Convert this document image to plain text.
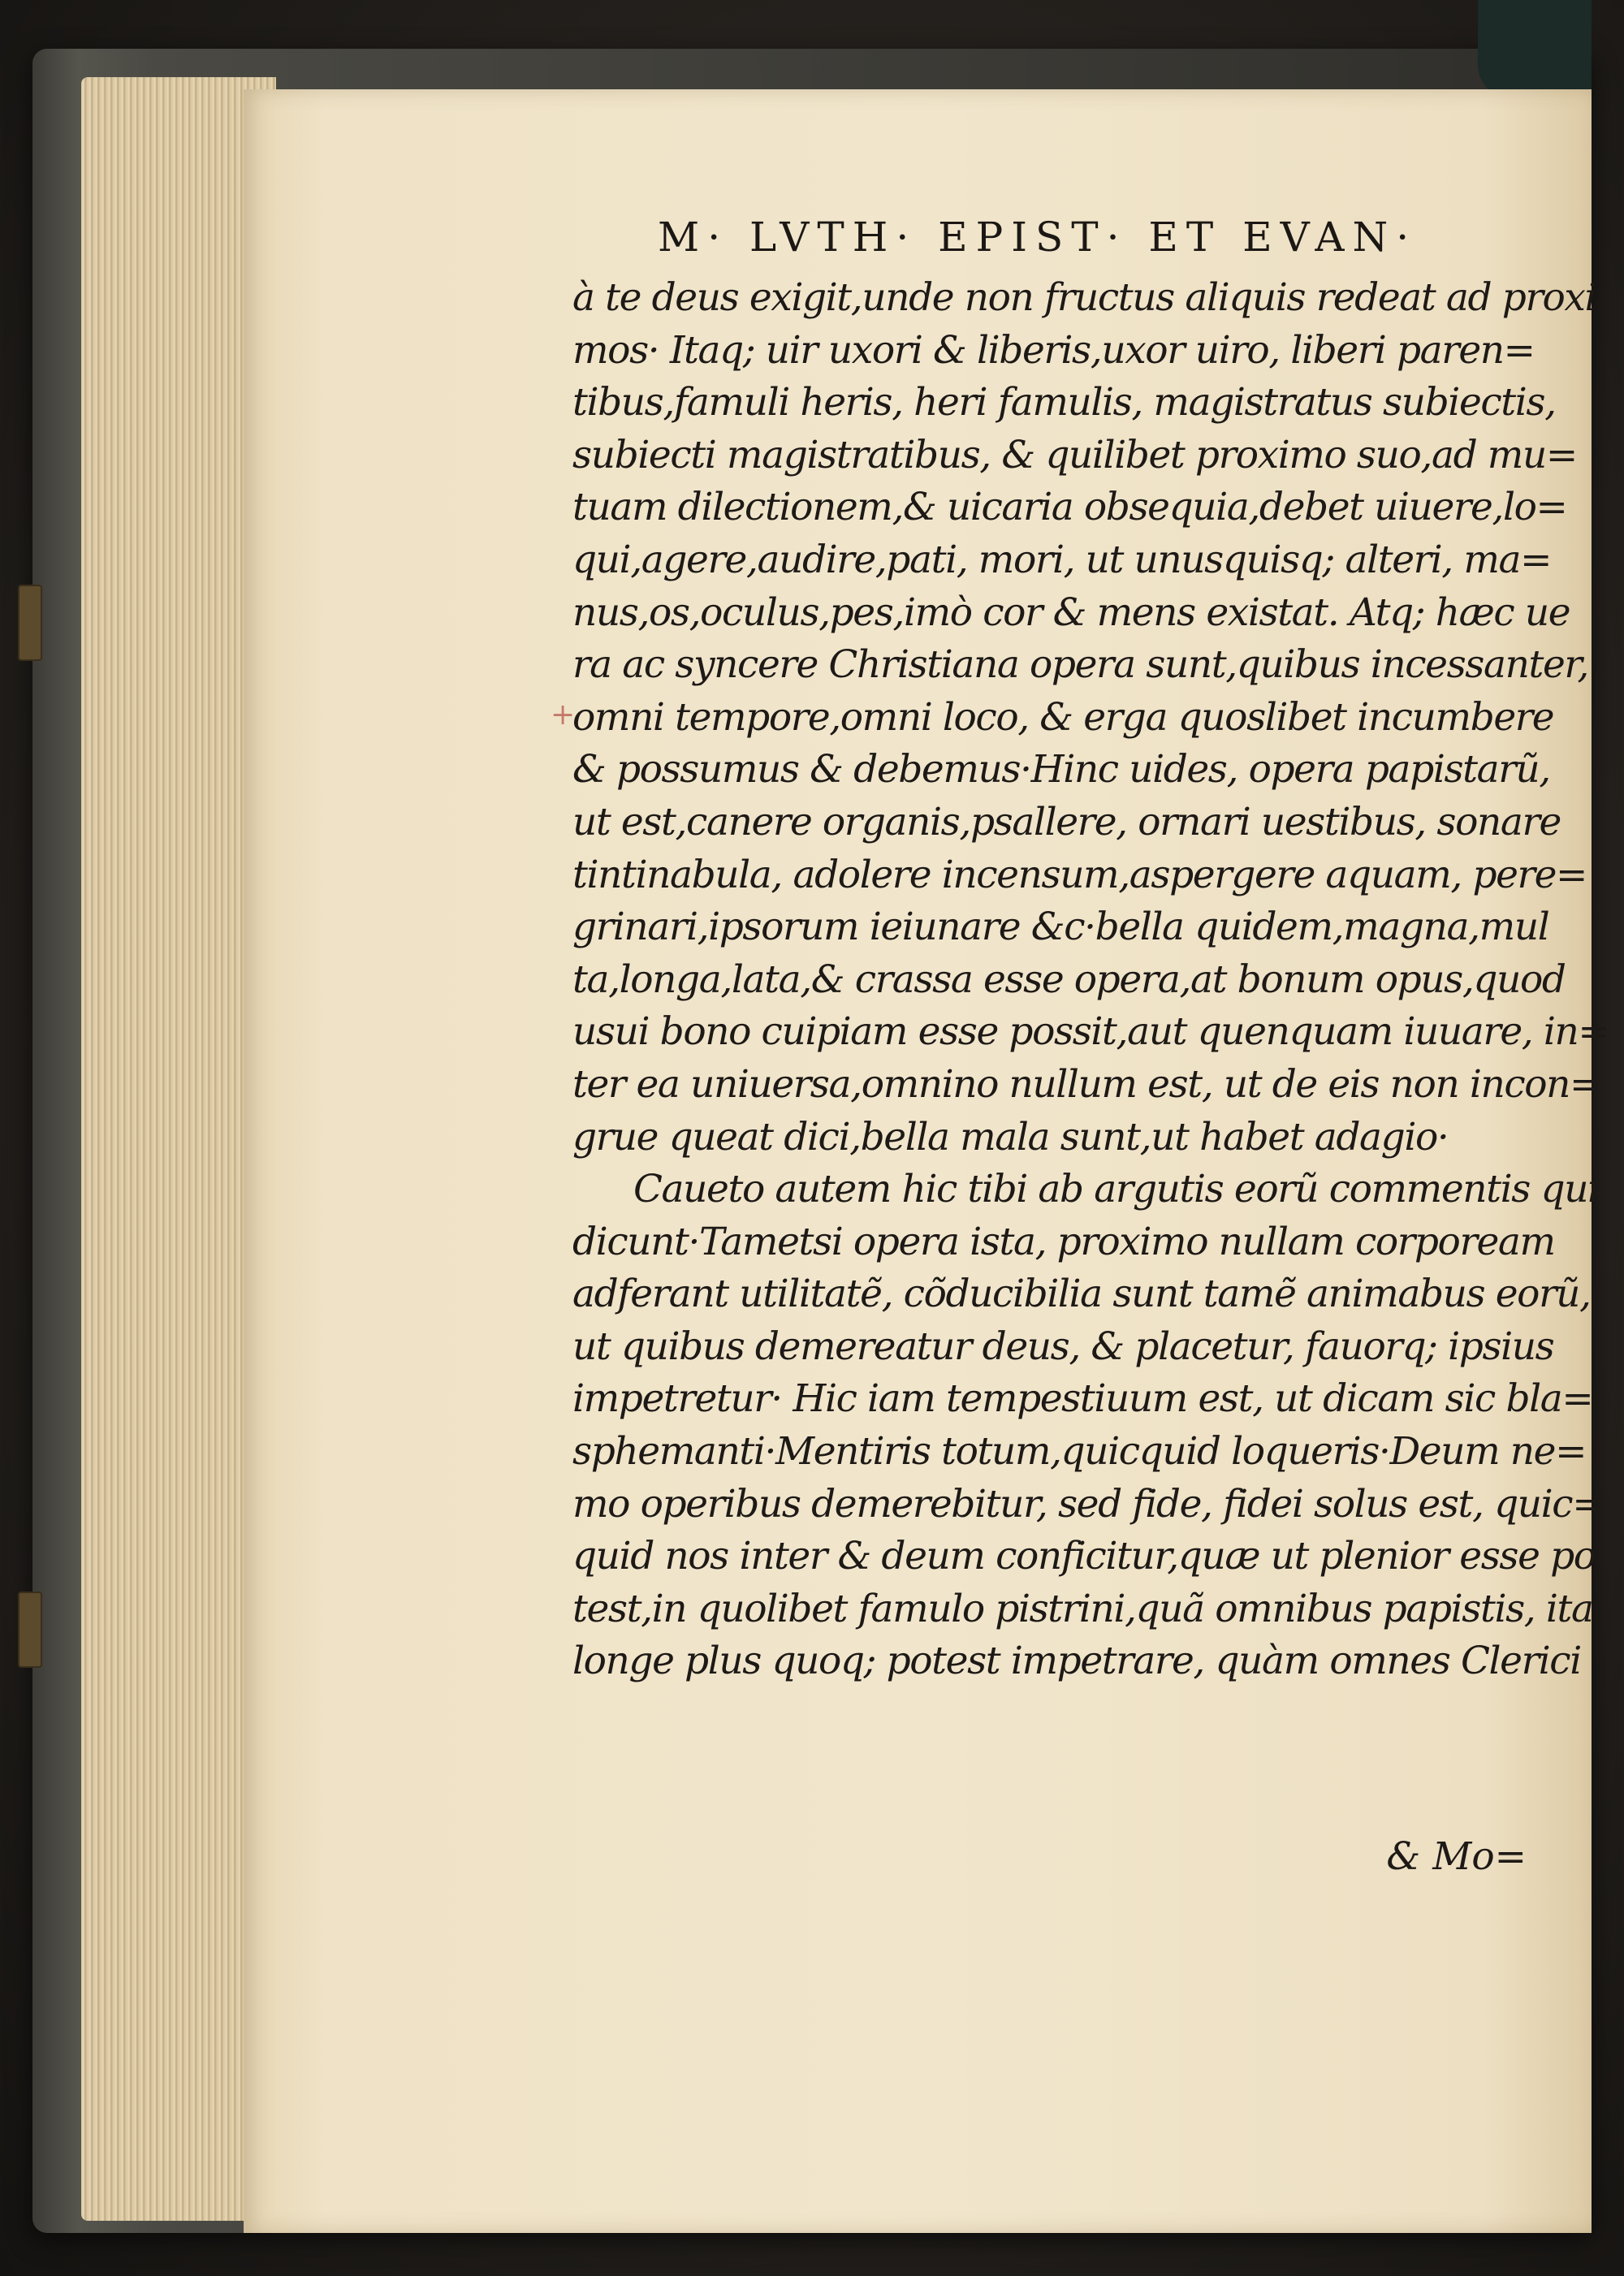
M· LVTH· EPIST· ET EVAN·
à te deus exigit,unde non fructus aliquis redeat ad proxi
mos· Itaq; uir uxori & liberis,uxor uiro, liberi paren=
tibus,famuli heris, heri famulis, magistratus subiectis,
subiecti magistratibus, & quilibet proximo suo,ad mu=
tuam dilectionem,& uicaria obsequia,debet uiuere,lo=
qui,agere,audire,pati, mori, ut unusquisq; alteri, ma=
nus,os,oculus,pes,imò cor & mens existat. Atq; hæc ue
ra ac syncere Christiana opera sunt,quibus incessanter,
omni tempore,omni loco, & erga quoslibet incumbere
& possumus & debemus·Hinc uides, opera papistarũ,
ut est,canere organis,psallere, ornari uestibus, sonare
tintinabula, adolere incensum,aspergere aquam, pere=
grinari,ipsorum ieiunare &c·bella quidem,magna,mul
ta,longa,lata,& crassa esse opera,at bonum opus,quod
usui bono cuipiam esse possit,aut quenquam iuuare, in=
ter ea uniuersa,omnino nullum est, ut de eis non incon=
grue queat dici,bella mala sunt,ut habet adagio·
Caueto autem hic tibi ab argutis eorũ commentis qui
dicunt·Tametsi opera ista, proximo nullam corpoream
adferant utilitatẽ, cõducibilia sunt tamẽ animabus eorũ,
ut quibus demereatur deus, & placetur, fauorq; ipsius
impetretur· Hic iam tempestiuum est, ut dicam sic bla=
sphemanti·Mentiris totum,quicquid loqueris·Deum ne=
mo operibus demerebitur, sed fide, fidei solus est, quic=
quid nos inter & deum conficitur,quæ ut plenior esse po
test,in quolibet famulo pistrini,quã omnibus papistis, ita
longe plus quoq; potest impetrare, quàm omnes Clerici
& Mo=
+
